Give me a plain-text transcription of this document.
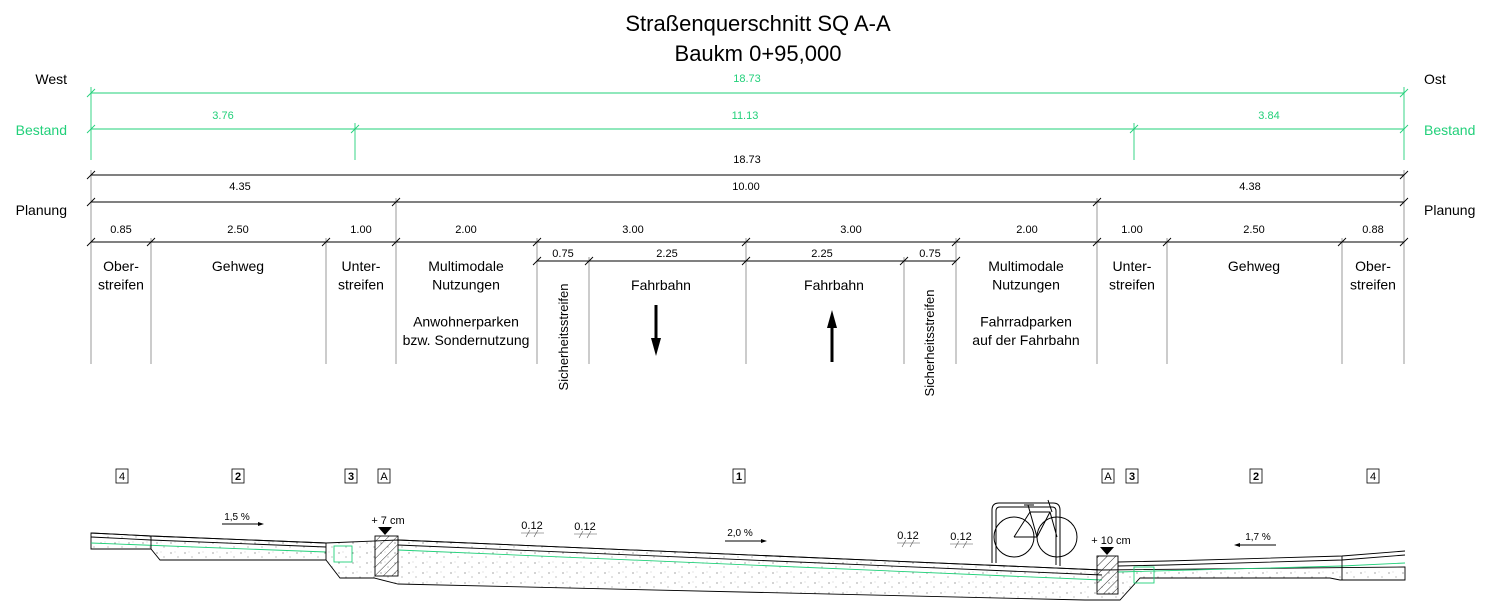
Straßenquerschnitt SQ A-A
Baukm 0+95,000
West	Ost
Bestand	Bestand
Planung	Planung
18.73
3.76	11.13	3.84
18.73
4.35	10.00	4.38
0.85	2.50	1.00	2.00	3.00	3.00	2.00	1.00	2.50	0.88
0.75	2.25	2.25	0.75
Ober-
streifen
Gehweg	Unter-
streifen
Multimodale
Nutzungen
Anwohnerparken
bzw. Sondernutzung
Fahrbahn	Fahrbahn
Multimodale
Nutzungen
Fahrradparken
auf der Fahrbahn
Unter-
streifen
Gehweg	Ober-
streifen
Sicherheitsstreifen	Sicherheitsstreifen
4	2	3 A	1	A 3	2	4
+ 7 cm
+ 10 cm
1,5 %
2,0 %	1,7 %
0.12	0.12
0.12	0.12
